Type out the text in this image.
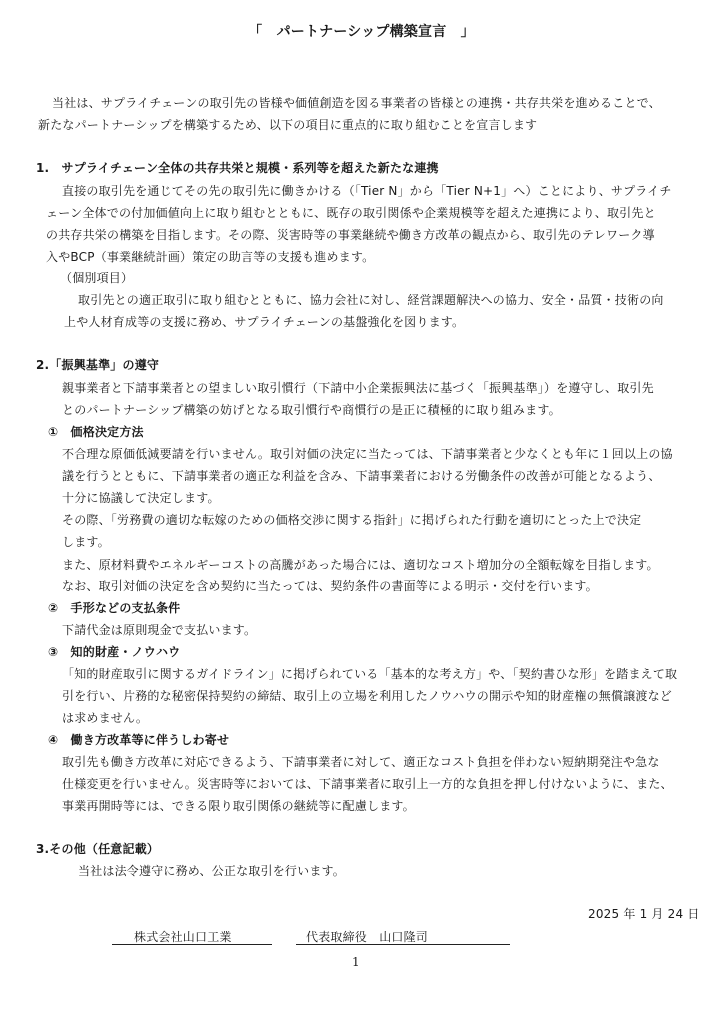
「　パートナーシップ構築宣言　」
当社は、サプライチェーンの取引先の皆様や価値創造を図る事業者の皆様との連携・共存共栄を進めることで、
新たなパートナーシップを構築するため、以下の項目に重点的に取り組むことを宣言します
1.　サプライチェーン全体の共存共栄と規模・系列等を超えた新たな連携
直接の取引先を通じてその先の取引先に働きかける（「Tier N」から「Tier N+1」へ）ことにより、サプライチ
ェーン全体での付加価値向上に取り組むとともに、既存の取引関係や企業規模等を超えた連携により、取引先と
の共存共栄の構築を目指します。その際、災害時等の事業継続や働き方改革の観点から、取引先のテレワーク導
入やBCP（事業継続計画）策定の助言等の支援も進めます。
（個別項目）
取引先との適正取引に取り組むとともに、協力会社に対し、経営課題解決への協力、安全・品質・技術の向
上や人材育成等の支援に務め、サプライチェーンの基盤強化を図ります。
2.「振興基準」の遵守
親事業者と下請事業者との望ましい取引慣行（下請中小企業振興法に基づく「振興基準」）を遵守し、取引先
とのパートナーシップ構築の妨げとなる取引慣行や商慣行の是正に積極的に取り組みます。
①　価格決定方法
不合理な原価低減要請を行いません。取引対価の決定に当たっては、下請事業者と少なくとも年に１回以上の協
議を行うとともに、下請事業者の適正な利益を含み、下請事業者における労働条件の改善が可能となるよう、
十分に協議して決定します。
その際、「労務費の適切な転嫁のための価格交渉に関する指針」に掲げられた行動を適切にとった上で決定
します。
また、原材料費やエネルギーコストの高騰があった場合には、適切なコスト増加分の全額転嫁を目指します。
なお、取引対価の決定を含め契約に当たっては、契約条件の書面等による明示・交付を行います。
②　手形などの支払条件
下請代金は原則現金で支払います。
③　知的財産・ノウハウ
「知的財産取引に関するガイドライン」に掲げられている「基本的な考え方」や、「契約書ひな形」を踏まえて取
引を行い、片務的な秘密保持契約の締結、取引上の立場を利用したノウハウの開示や知的財産権の無償譲渡など
は求めません。
④　働き方改革等に伴うしわ寄せ
取引先も働き方改革に対応できるよう、下請事業者に対して、適正なコスト負担を伴わない短納期発注や急な
仕様変更を行いません。災害時等においては、下請事業者に取引上一方的な負担を押し付けないように、また、
事業再開時等には、できる限り取引関係の継続等に配慮します。
3.その他（任意記載）
当社は法令遵守に務め、公正な取引を行います。
2025 年 1 月 24 日
株式会社山口工業	代表取締役　山口隆司
1
